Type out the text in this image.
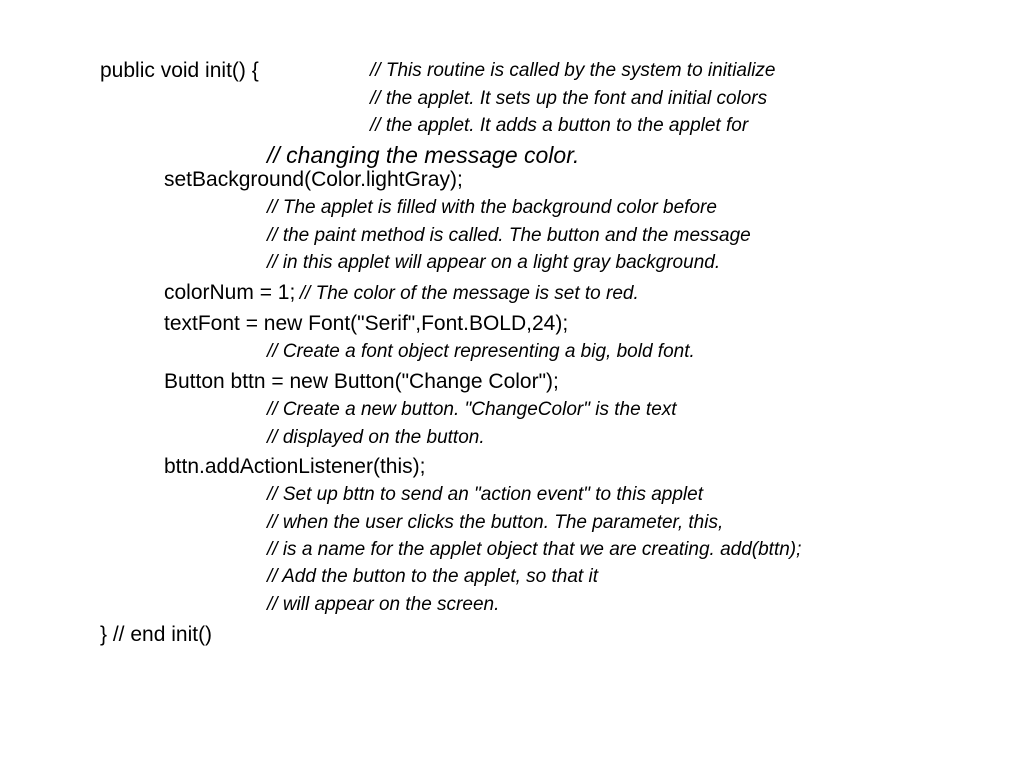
public void init() {	// This routine is called by the system to initialize
// the applet. It sets up the font and initial colors
// the applet. It adds a button to the applet for
// changing the message color.
setBackground(Color.lightGray);
// The applet is filled with the background color before
// the paint method is called. The button and the message
// in this applet will appear on a light gray background.
colorNum = 1; // The color of the message is set to red.
textFont = new Font("Serif",Font.BOLD,24);
// Create a font object representing a big, bold font.
Button bttn = new Button("Change Color");
// Create a new button. "ChangeColor" is the text
// displayed on the button.
bttn.addActionListener(this);
// Set up bttn to send an "action event" to this applet
// when the user clicks the button. The parameter, this,
// is a name for the applet object that we are creating. add(bttn);
// Add the button to the applet, so that it
// will appear on the screen.
} // end init()
